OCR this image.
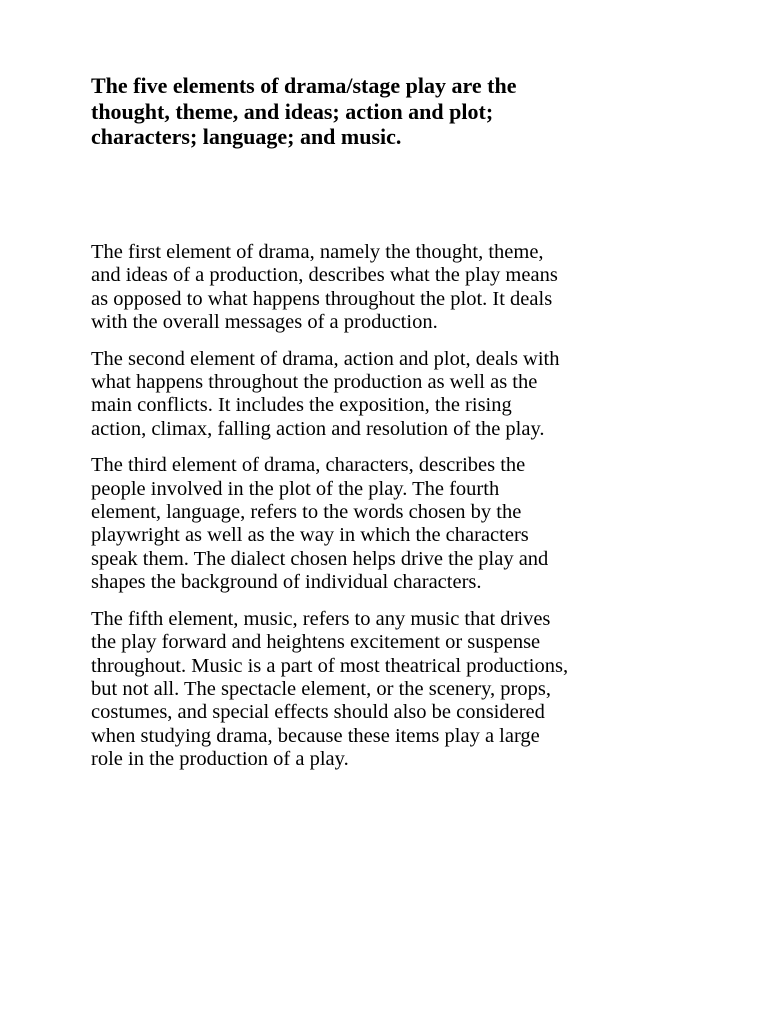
The five elements of drama/stage play are the
thought, theme, and ideas; action and plot;
characters; language; and music.

The first element of drama, namely the thought, theme,
and ideas of a production, describes what the play means
as opposed to what happens throughout the plot. It deals
with the overall messages of a production.

The second element of drama, action and plot, deals with
what happens throughout the production as well as the
main conflicts. It includes the exposition, the rising
action, climax, falling action and resolution of the play.

The third element of drama, characters, describes the
people involved in the plot of the play. The fourth
element, language, refers to the words chosen by the
playwright as well as the way in which the characters
speak them. The dialect chosen helps drive the play and
shapes the background of individual characters.

The fifth element, music, refers to any music that drives
the play forward and heightens excitement or suspense
throughout. Music is a part of most theatrical productions,
but not all. The spectacle element, or the scenery, props,
costumes, and special effects should also be considered
when studying drama, because these items play a large
role in the production of a play.
